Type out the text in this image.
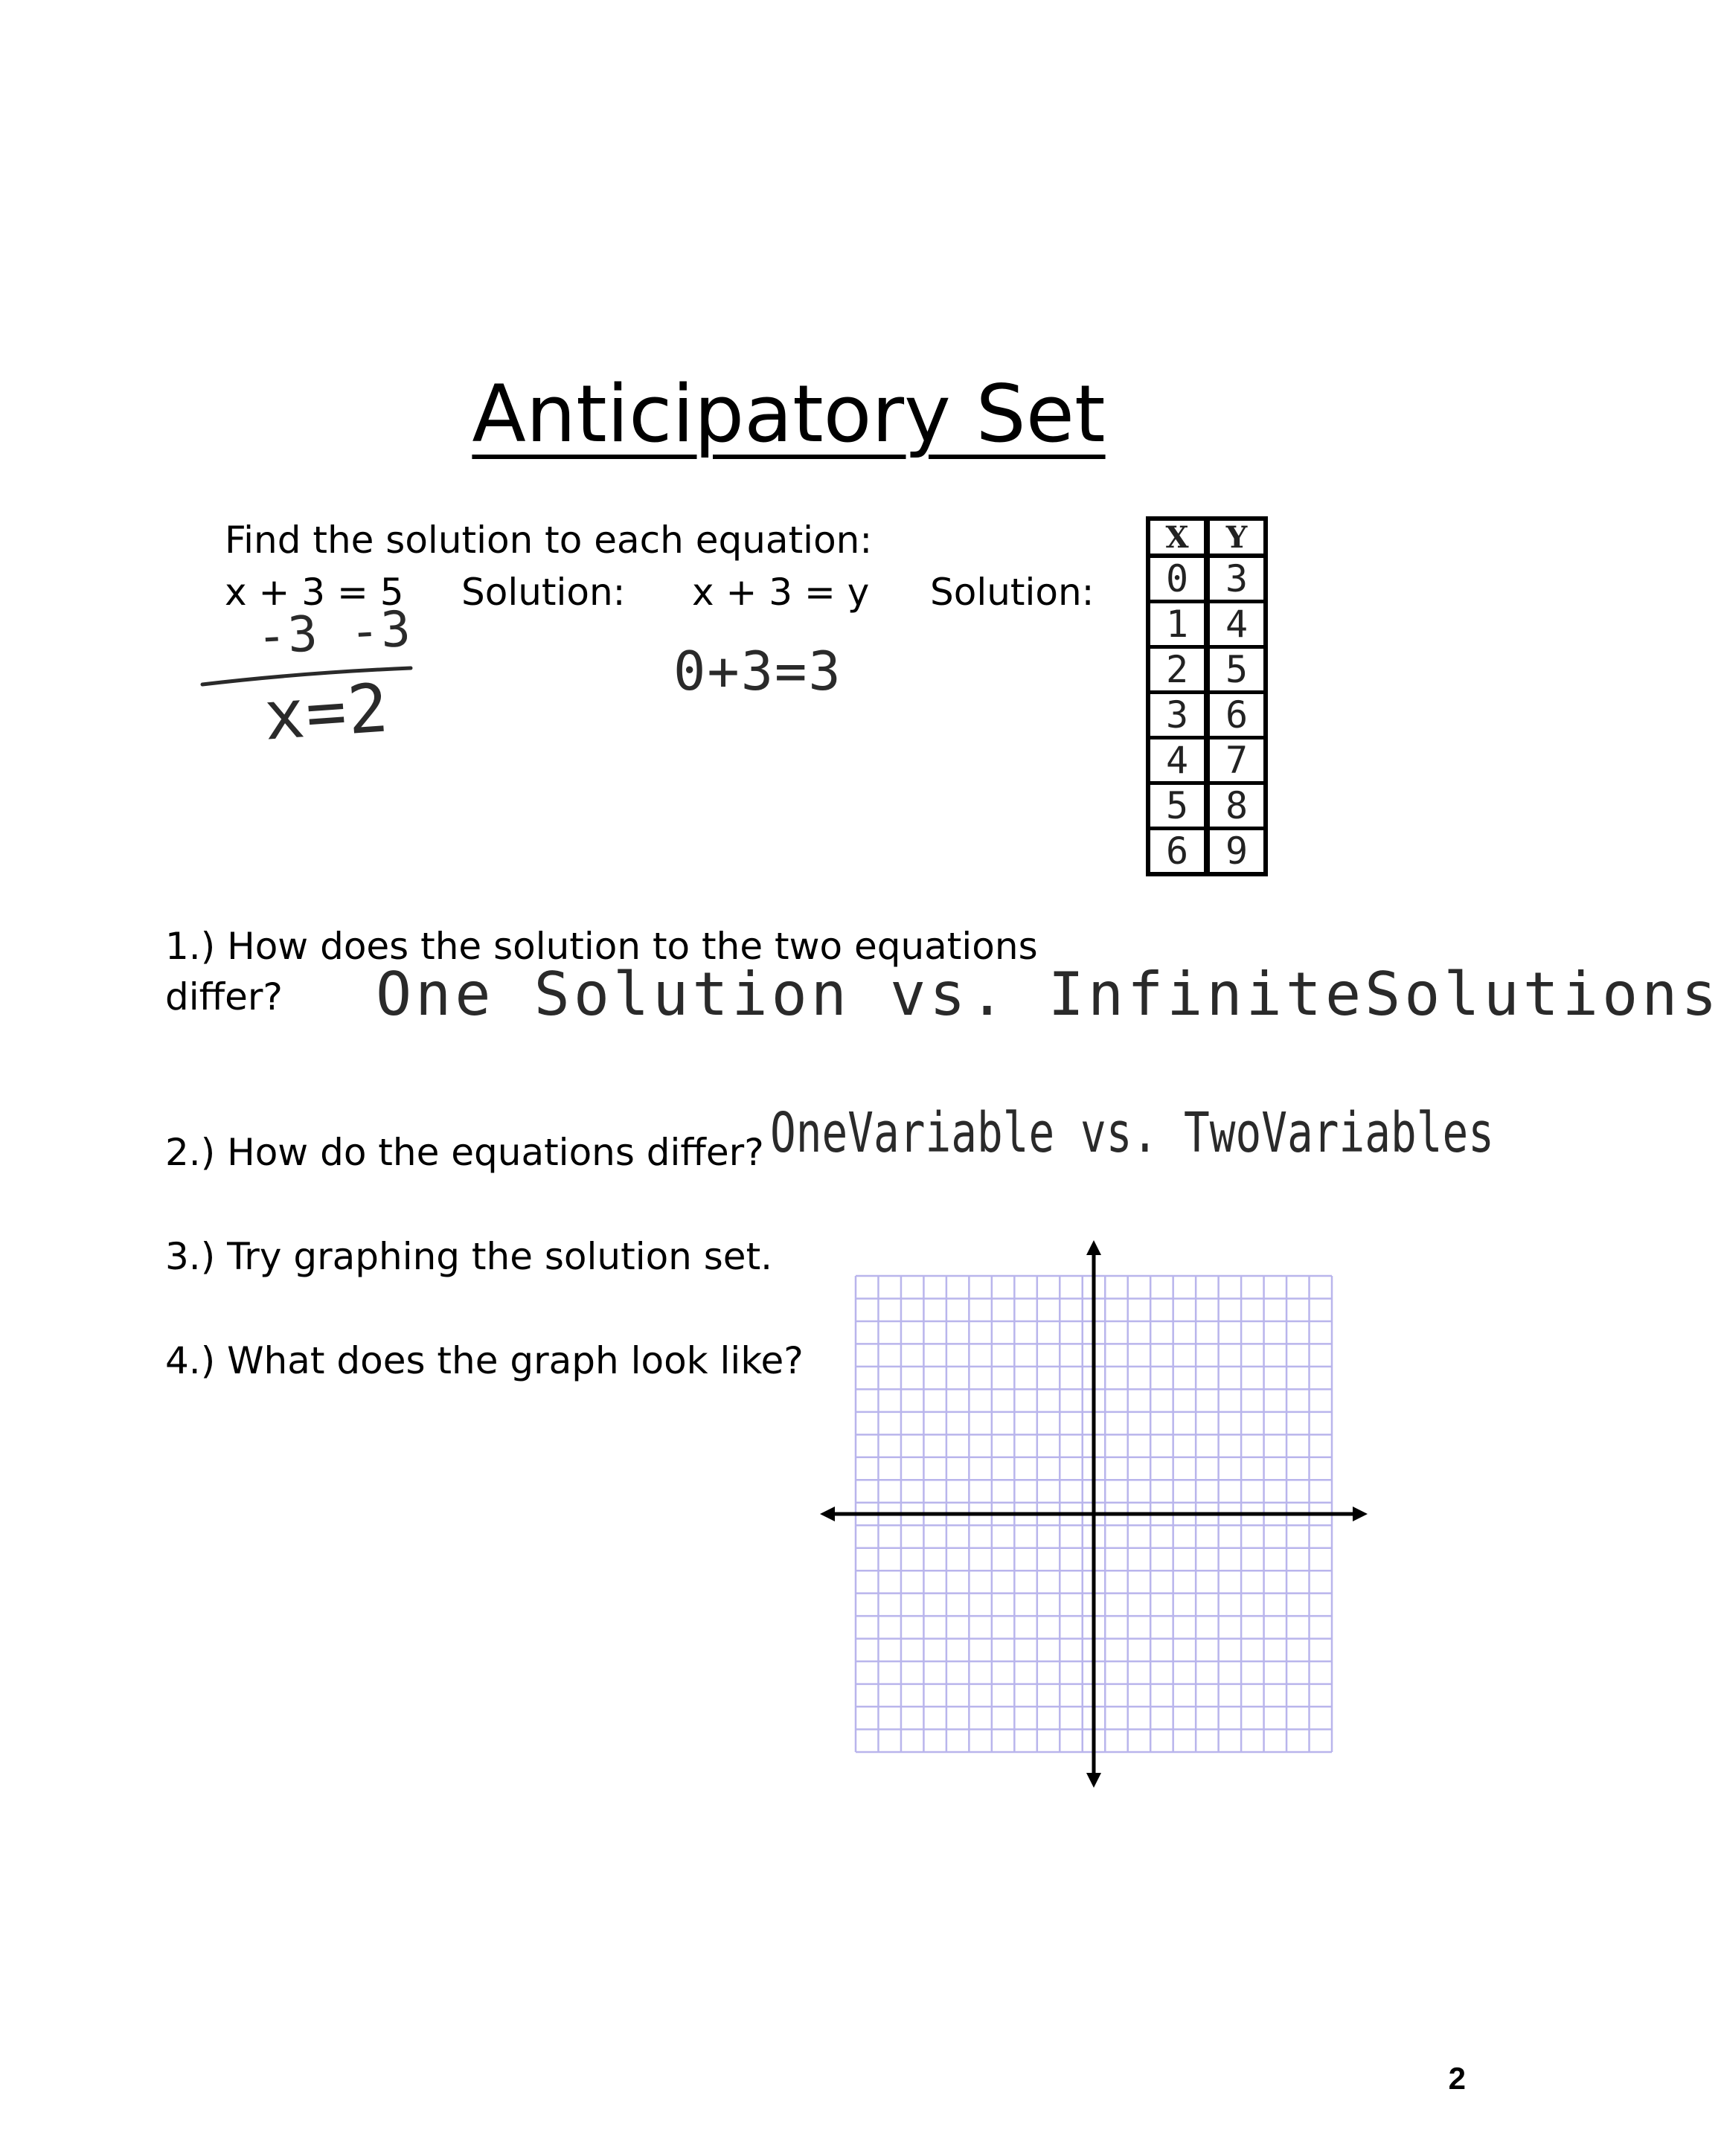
Anticipatory Set
Find the solution to each equation:
x + 3 = 5 Solution: x + 3 = y Solution:
-3 -3
x=2	0+3=3
X	Y
0 3
1 4
2 5
3 6
4 7
5 8
6 9
1.) How does the solution to the two equations
differ? One Solution vs. InfiniteSolutions
2.) How do the equations differ? OneVariable vs. TwoVariables
3.) Try graphing the solution set.
4.) What does the graph look like?
2
